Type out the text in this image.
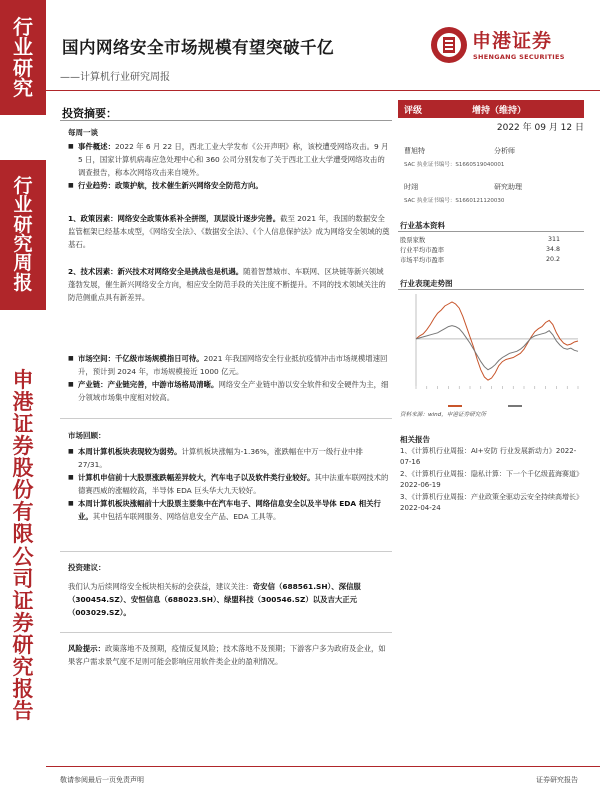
行
业
研
究
行
业
研
究
周
报
申
港
证
券
股
份
有
限
公
司
证
券
研
究
报
告
国内网络安全市场规模有望突破千亿
——计算机行业研究周报
申港证券
SHENGANG SECURITIES
投资摘要：
每周一谈
■ 事件概述：2022 年 6 月 22 日，西北工业大学发布《公开声明》称，该校遭受网络攻击。9 月 5 日，国家计算机病毒应急处理中心和 360 公司分别发布了关于西北工业大学遭受网络攻击的调查报告，称本次网络攻击来自境外。
■ 行业趋势：政策护航，技术催生新兴网络安全防范方向。
1、政策因素：网络安全政策体系补全拼图，顶层设计逐步完善。截至 2021 年，我国的数据安全监管框架已经基本成型，《网络安全法》、《数据安全法》、《个人信息保护法》成为网络安全领域的奠基石。
2、技术因素：新兴技术对网络安全是挑战也是机遇。随着智慧城市、车联网、区块链等新兴领域蓬勃发展，催生新兴网络安全方向，相应安全防范手段的关注度不断提升。不同的技术领域关注的防范侧重点具有新差异。
■ 市场空间：千亿级市场规模指日可待。2021 年我国网络安全行业抵抗疫情冲击市场规模增速回升，预计到 2024 年，市场规模接近 1000 亿元。
■ 产业链：产业链完善，中游市场格局清晰。网络安全产业链中游以安全软件和安全硬件为主，细分领域市场集中度相对较高。
市场回顾：
■ 本周计算机板块表现较为弱势。计算机板块涨幅为-1.36%，涨跌幅在中万一级行业中排 27/31。
■ 计算机申信前十大股票涨跌幅差异较大，汽车电子以及软件类行业较好。其中法重车联网技术的德赛西威的涨幅较高，半导体 EDA 巨头华大九天较好。
■ 本周计算机板块涨幅前十大股票主要集中在汽车电子、网络信息安全以及半导体 EDA 相关行业。其中包括车联网服务、网络信息安全产品、EDA 工具等。
投资建议：
我们认为后续网络安全板块相关标的会获益，建议关注：奇安信（688561.SH）、深信服（300454.SZ）、安恒信息（688023.SH）、绿盟科技（300546.SZ）以及吉大正元（003029.SZ）。
风险提示：政策落地不及预期，疫情反复风险；技术落地不及预期；下游客户多为政府及企业，如果客户需求景气度不足则可能会影响应用软件类企业的盈利情况。
评级	增持（维持）
2022 年 09 月 12 日
曹旭特	分析师
SAC 执业证书编号：S1660519040001
时翊	研究助理
SAC 执业证书编号：S1660121120030
行业基本资料
股票家数	311
行业平均市盈率	34.8
市场平均市盈率	20.2
行业表现走势图
资料来源：wind，申港证券研究所
相关报告
1、《计算机行业周报：AI+安防 行业发展新动力》2022-07-16
2、《计算机行业周报：隐私计算：下一个千亿级蓝海赛道》2022-06-19
3、《计算机行业周报：产业政策全驱动云安全持续高增长》2022-04-24
敬请参阅最后一页免责声明	证券研究报告
